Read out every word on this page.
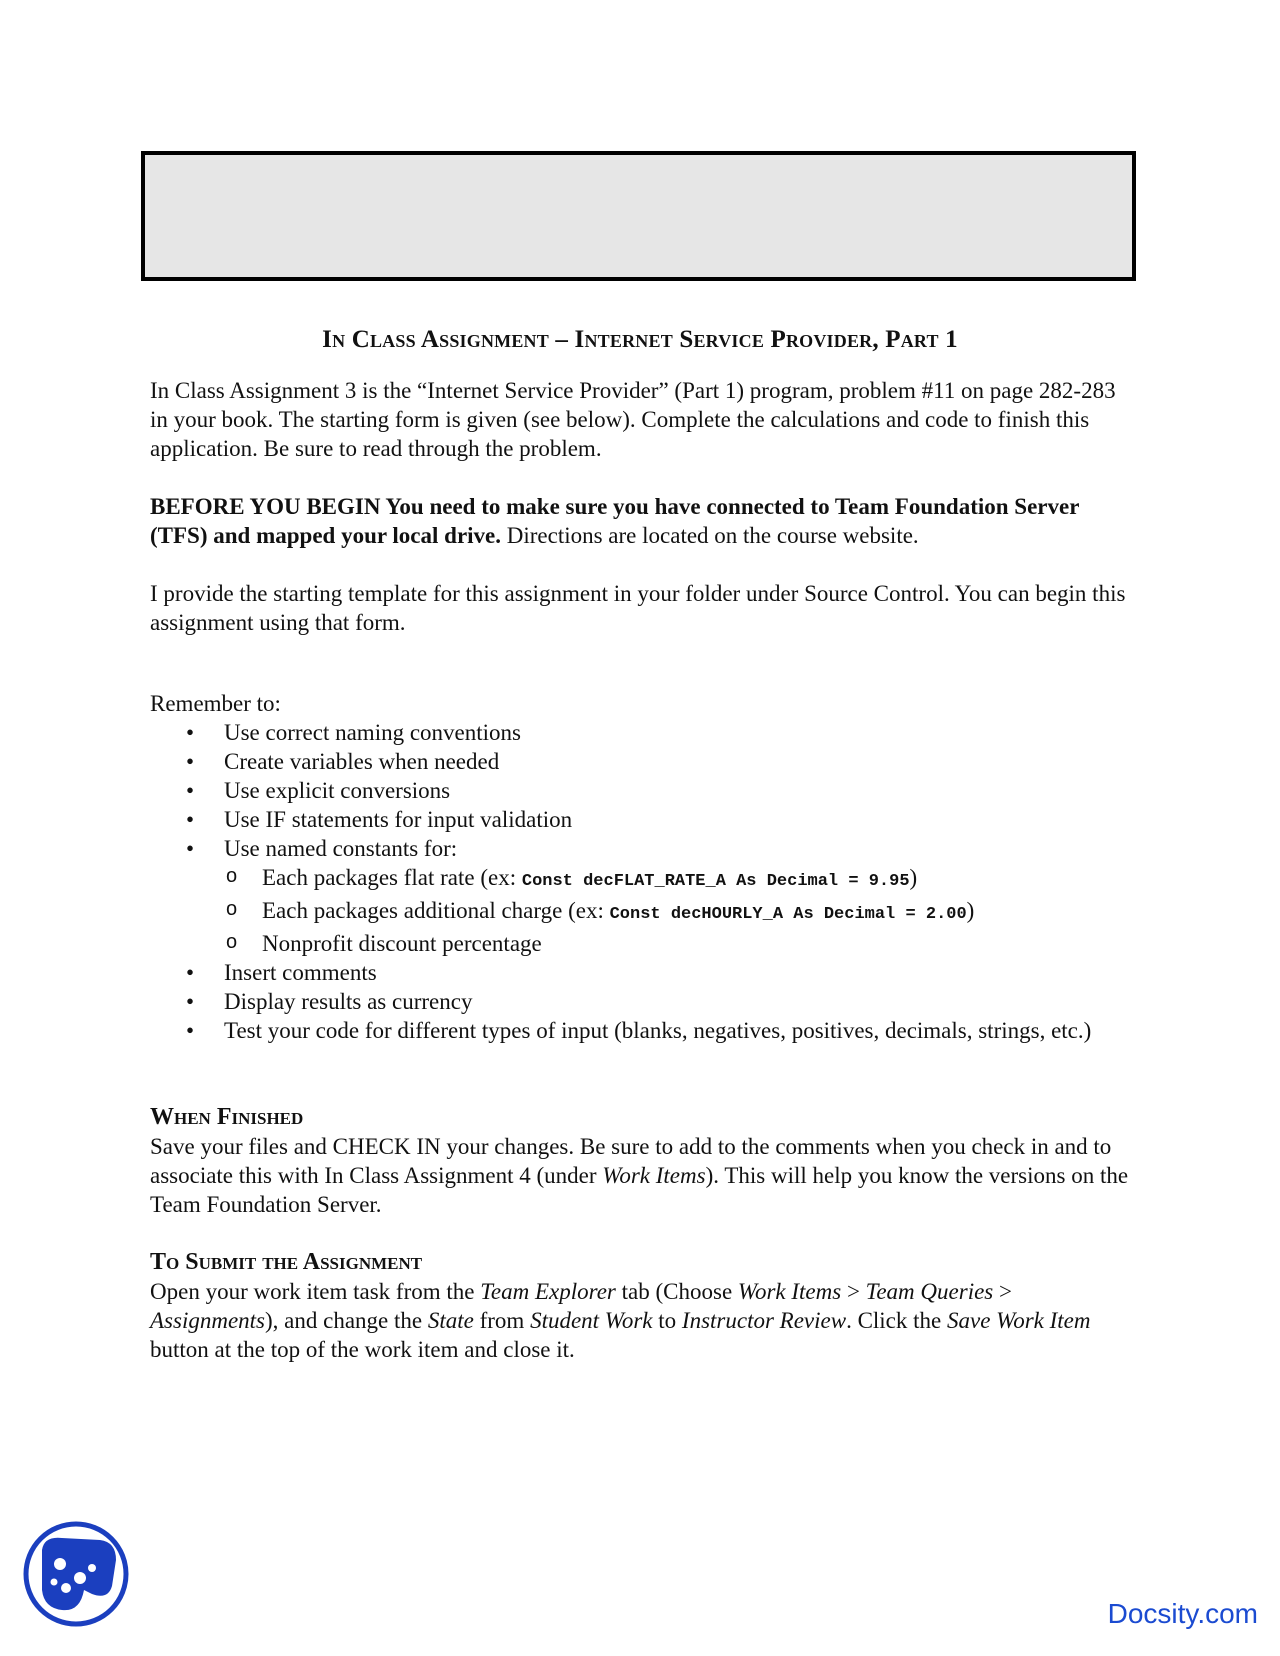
In Class Assignment – Internet Service Provider, Part 1

In Class Assignment 3 is the “Internet Service Provider” (Part 1) program, problem #11 on page 282-283 in your book. The starting form is given (see below). Complete the calculations and code to finish this application. Be sure to read through the problem.

BEFORE YOU BEGIN You need to make sure you have connected to Team Foundation Server (TFS) and mapped your local drive. Directions are located on the course website.

I provide the starting template for this assignment in your folder under Source Control. You can begin this assignment using that form.

Remember to:

• Use correct naming conventions
• Create variables when needed
• Use explicit conversions
• Use IF statements for input validation
• Use named constants for:
o Each packages flat rate (ex: Const decFLAT_RATE_A As Decimal = 9.95)
o Each packages additional charge (ex: Const decHOURLY_A As Decimal = 2.00)
o Nonprofit discount percentage
• Insert comments
• Display results as currency
• Test your code for different types of input (blanks, negatives, positives, decimals, strings, etc.)

When Finished

Save your files and CHECK IN your changes. Be sure to add to the comments when you check in and to associate this with In Class Assignment 4 (under Work Items). This will help you know the versions on the Team Foundation Server.

To Submit the Assignment

Open your work item task from the Team Explorer tab (Choose Work Items > Team Queries > Assignments), and change the State from Student Work to Instructor Review. Click the Save Work Item button at the top of the work item and close it.

Docsity.com
